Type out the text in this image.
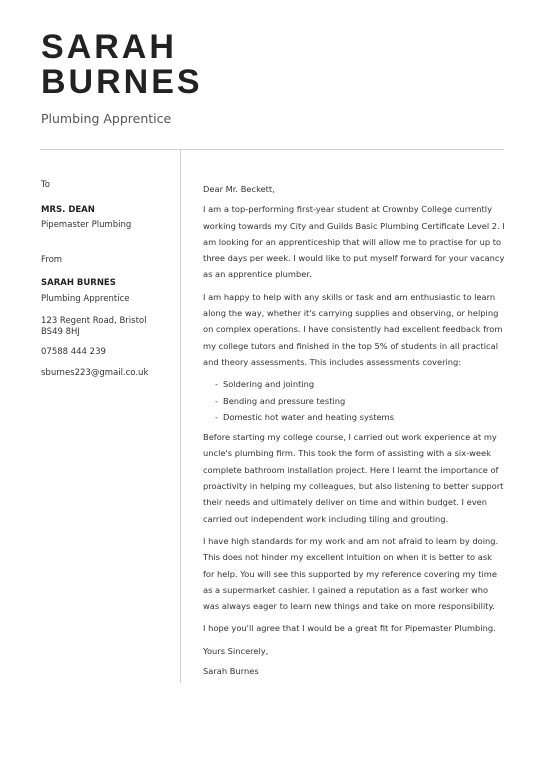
SARAH
BURNES
Plumbing Apprentice
To
MRS. DEAN
Pipemaster Plumbing
From
SARAH BURNES
Plumbing Apprentice
123 Regent Road, Bristol BS49 8HJ
07588 444 239
sburnes223@gmail.co.uk

Dear Mr. Beckett,

I am a top-performing first-year student at Crownby College currently working towards my City and Guilds Basic Plumbing Certificate Level 2. I am looking for an apprenticeship that will allow me to practise for up to three days per week. I would like to put myself forward for your vacancy as an apprentice plumber.

I am happy to help with any skills or task and am enthusiastic to learn along the way, whether it's carrying supplies and observing, or helping on complex operations. I have consistently had excellent feedback from my college tutors and finished in the top 5% of students in all practical and theory assessments. This includes assessments covering:

- Soldering and jointing
- Bending and pressure testing
- Domestic hot water and heating systems

Before starting my college course, I carried out work experience at my uncle's plumbing firm. This took the form of assisting with a six-week complete bathroom installation project. Here I learnt the importance of proactivity in helping my colleagues, but also listening to better support their needs and ultimately deliver on time and within budget. I even carried out independent work including tiling and grouting.

I have high standards for my work and am not afraid to learn by doing. This does not hinder my excellent intuition on when it is better to ask for help. You will see this supported by my reference covering my time as a supermarket cashier. I gained a reputation as a fast worker who was always eager to learn new things and take on more responsibility.

I hope you'll agree that I would be a great fit for Pipemaster Plumbing.

Yours Sincerely,

Sarah Burnes
